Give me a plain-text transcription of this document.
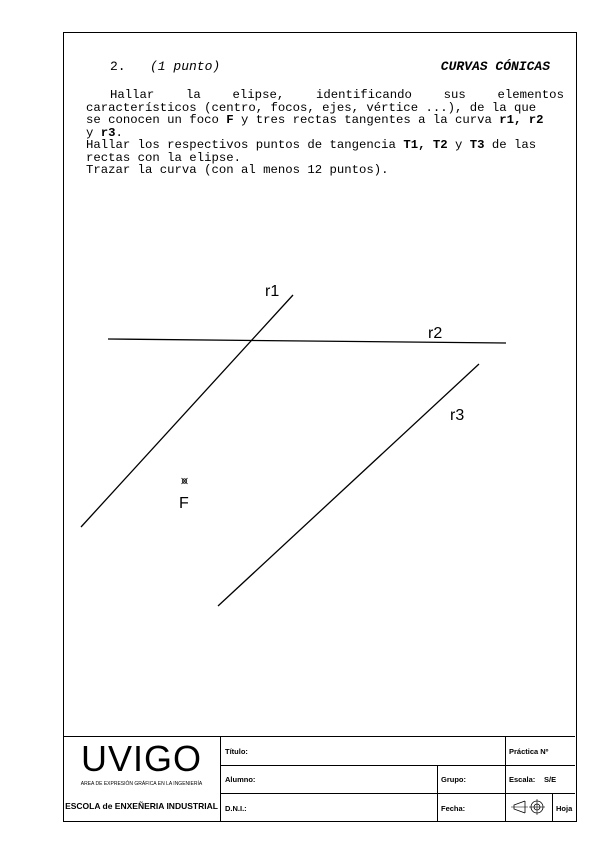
2. (1 punto)	CURVAS CÓNICAS

Hallar	la	elipse,	identificando	sus	elementos

característicos (centro, focos, ejes, vértice ...), de la que

se conocen un foco F y tres rectas tangentes a la curva r1, r2

y r3.

Hallar los respectivos puntos de tangencia T1, T2 y T3 de las

rectas con la elipse.

Trazar la curva (con al menos 12 puntos).

r1
r2
r3
F
UVIGO
AREA DE EXPRESIÓN GRÁFICA EN LA INGENIERÍA
ESCOLA de ENXEÑERIA INDUSTRIAL
Título:	Práctica Nº
Alumno:	Grupo:	Escala: S/E
D.N.I.:	Fecha:	Hoja
